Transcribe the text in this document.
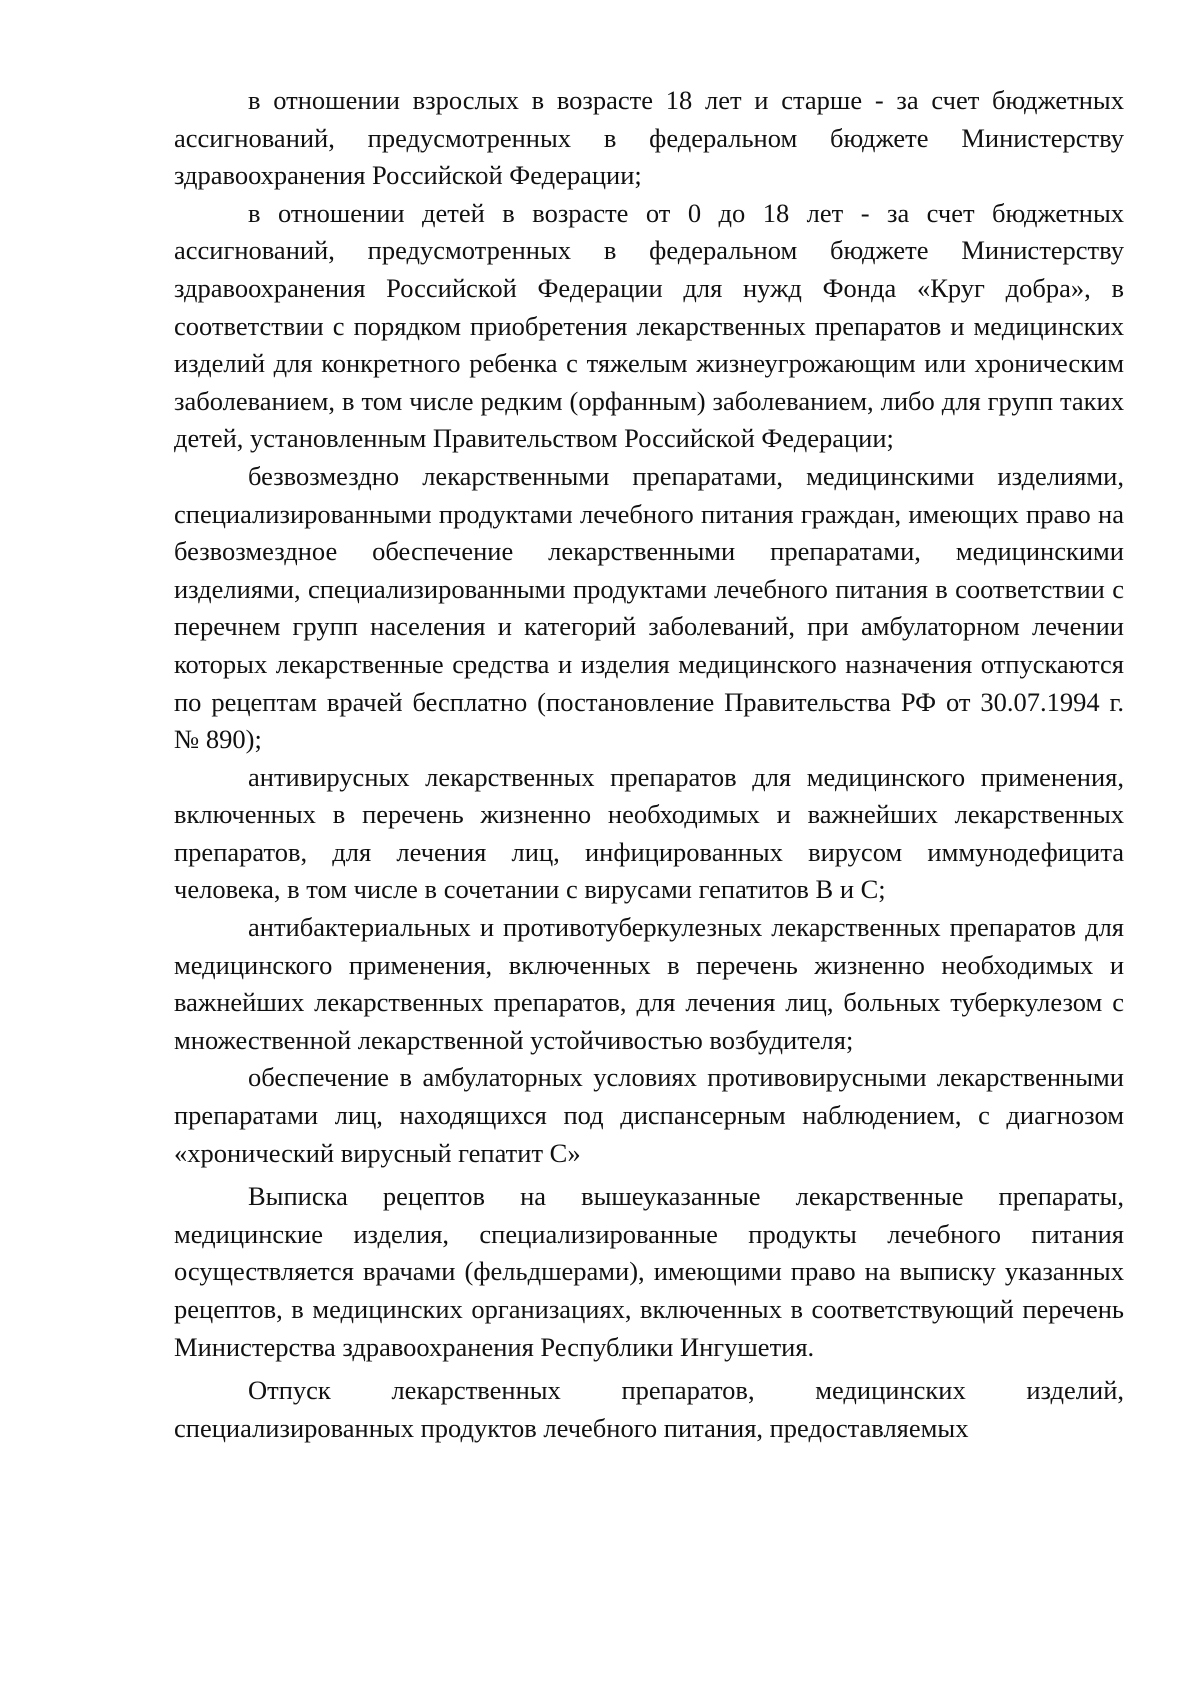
в отношении взрослых в возрасте 18 лет и старше - за счет бюджетных ассигнований, предусмотренных в федеральном бюджете Министерству здравоохранения Российской Федерации;

в отношении детей в возрасте от 0 до 18 лет - за счет бюджетных ассигнований, предусмотренных в федеральном бюджете Министерству здравоохранения Российской Федерации для нужд Фонда «Круг добра», в соответствии с порядком приобретения лекарственных препаратов и медицинских изделий для конкретного ребенка с тяжелым жизнеугрожающим или хроническим заболеванием, в том числе редким (орфанным) заболеванием, либо для групп таких детей, установленным Правительством Российской Федерации;

безвозмездно лекарственными препаратами, медицинскими изделиями, специализированными продуктами лечебного питания граждан, имеющих право на безвозмездное обеспечение лекарственными препаратами, медицинскими изделиями, специализированными продуктами лечебного питания в соответствии с перечнем групп населения и категорий заболеваний, при амбулаторном лечении которых лекарственные средства и изделия медицинского назначения отпускаются по рецептам врачей бесплатно (постановление Правительства РФ от 30.07.1994 г. № 890);

антивирусных лекарственных препаратов для медицинского применения, включенных в перечень жизненно необходимых и важнейших лекарственных препаратов, для лечения лиц, инфицированных вирусом иммунодефицита человека, в том числе в сочетании с вирусами гепатитов В и С;

антибактериальных и противотуберкулезных лекарственных препаратов для медицинского применения, включенных в перечень жизненно необходимых и важнейших лекарственных препаратов, для лечения лиц, больных туберкулезом с множественной лекарственной устойчивостью возбудителя;

обеспечение в амбулаторных условиях противовирусными лекарственными препаратами лиц, находящихся под диспансерным наблюдением, с диагнозом «хронический вирусный гепатит С»

Выписка рецептов на вышеуказанные лекарственные препараты, медицинские изделия, специализированные продукты лечебного питания осуществляется врачами (фельдшерами), имеющими право на выписку указанных рецептов, в медицинских организациях, включенных в соответствующий перечень Министерства здравоохранения Республики Ингушетия.

Отпуск лекарственных препаратов, медицинских изделий, специализированных продуктов лечебного питания, предоставляемых
